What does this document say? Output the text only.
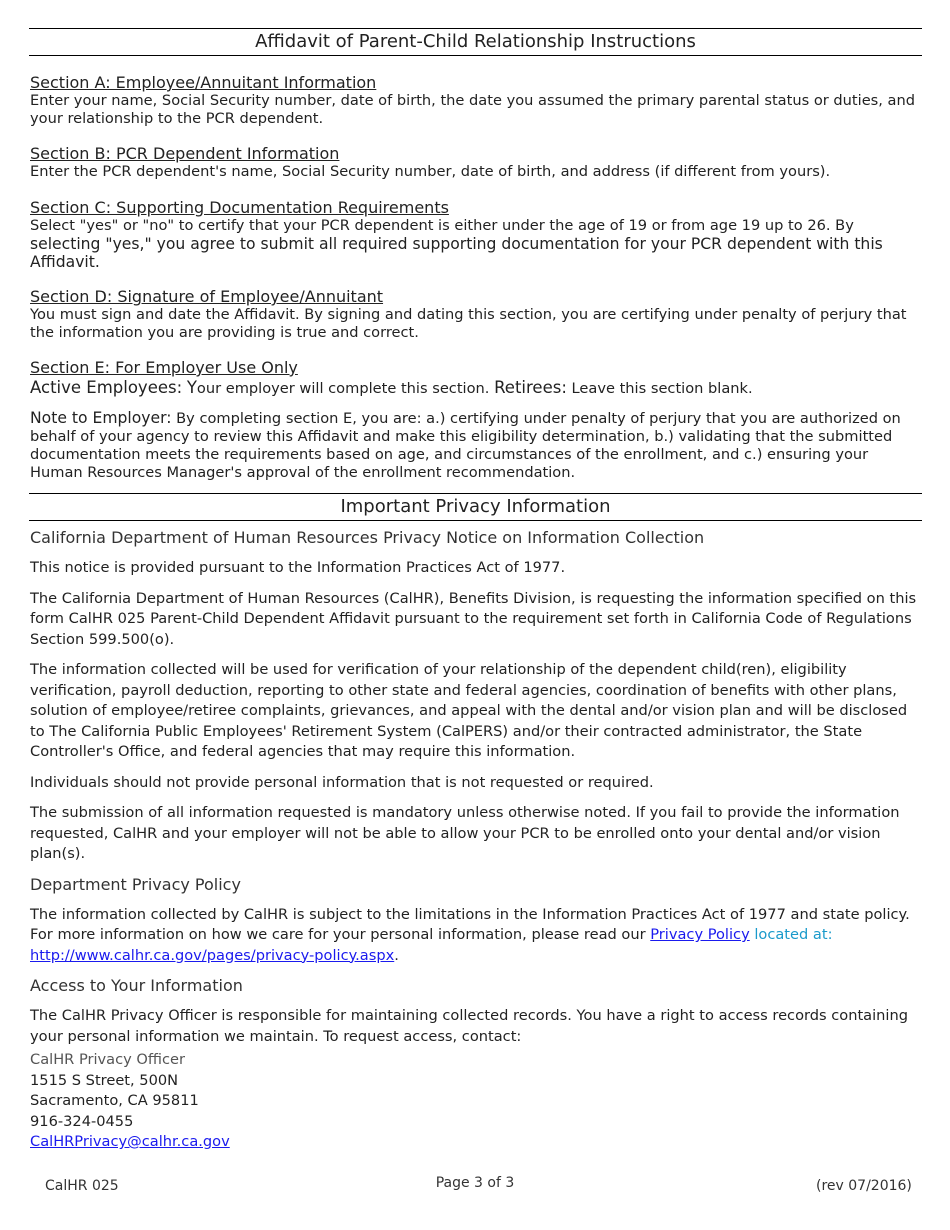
Affidavit of Parent-Child Relationship Instructions
Section A: Employee/Annuitant Information
Enter your name, Social Security number, date of birth, the date you assumed the primary parental status or duties, and your relationship to the PCR dependent.
Section B: PCR Dependent Information
Enter the PCR dependent's name, Social Security number, date of birth, and address (if different from yours).
Section C: Supporting Documentation Requirements
Select "yes" or "no" to certify that your PCR dependent is either under the age of 19 or from age 19 up to 26. By
selecting "yes," you agree to submit all required supporting documentation for your PCR dependent with this Affidavit.
Section D: Signature of Employee/Annuitant
You must sign and date the Affidavit. By signing and dating this section, you are certifying under penalty of perjury that the information you are providing is true and correct.
Section E: For Employer Use Only
Active Employees: Your employer will complete this section. Retirees: Leave this section blank.
Note to Employer: By completing section E, you are: a.) certifying under penalty of perjury that you are authorized on behalf of your agency to review this Affidavit and make this eligibility determination, b.) validating that the submitted documentation meets the requirements based on age, and circumstances of the enrollment, and c.) ensuring your Human Resources Manager's approval of the enrollment recommendation.
Important Privacy Information
California Department of Human Resources Privacy Notice on Information Collection

This notice is provided pursuant to the Information Practices Act of 1977.

The California Department of Human Resources (CalHR), Benefits Division, is requesting the information specified on this form CalHR 025 Parent-Child Dependent Affidavit pursuant to the requirement set forth in California Code of Regulations Section 599.500(o).

The information collected will be used for verification of your relationship of the dependent child(ren), eligibility verification, payroll deduction, reporting to other state and federal agencies, coordination of benefits with other plans, solution of employee/retiree complaints, grievances, and appeal with the dental and/or vision plan and will be disclosed to The California Public Employees' Retirement System (CalPERS) and/or their contracted administrator, the State Controller's Office, and federal agencies that may require this information.

Individuals should not provide personal information that is not requested or required.

The submission of all information requested is mandatory unless otherwise noted. If you fail to provide the information requested, CalHR and your employer will not be able to allow your PCR to be enrolled onto your dental and/or vision plan(s).

Department Privacy Policy

The information collected by CalHR is subject to the limitations in the Information Practices Act of 1977 and state policy. For more information on how we care for your personal information, please read our Privacy Policy located at: http://www.calhr.ca.gov/pages/privacy-policy.aspx.

Access to Your Information

The CalHR Privacy Officer is responsible for maintaining collected records. You have a right to access records containing your personal information we maintain. To request access, contact:

CalHR Privacy Officer
1515 S Street, 500N
Sacramento, CA 95811
916-324-0455
CalHRPrivacy@calhr.ca.gov
CalHR 025	Page 3 of 3	(rev 07/2016)
